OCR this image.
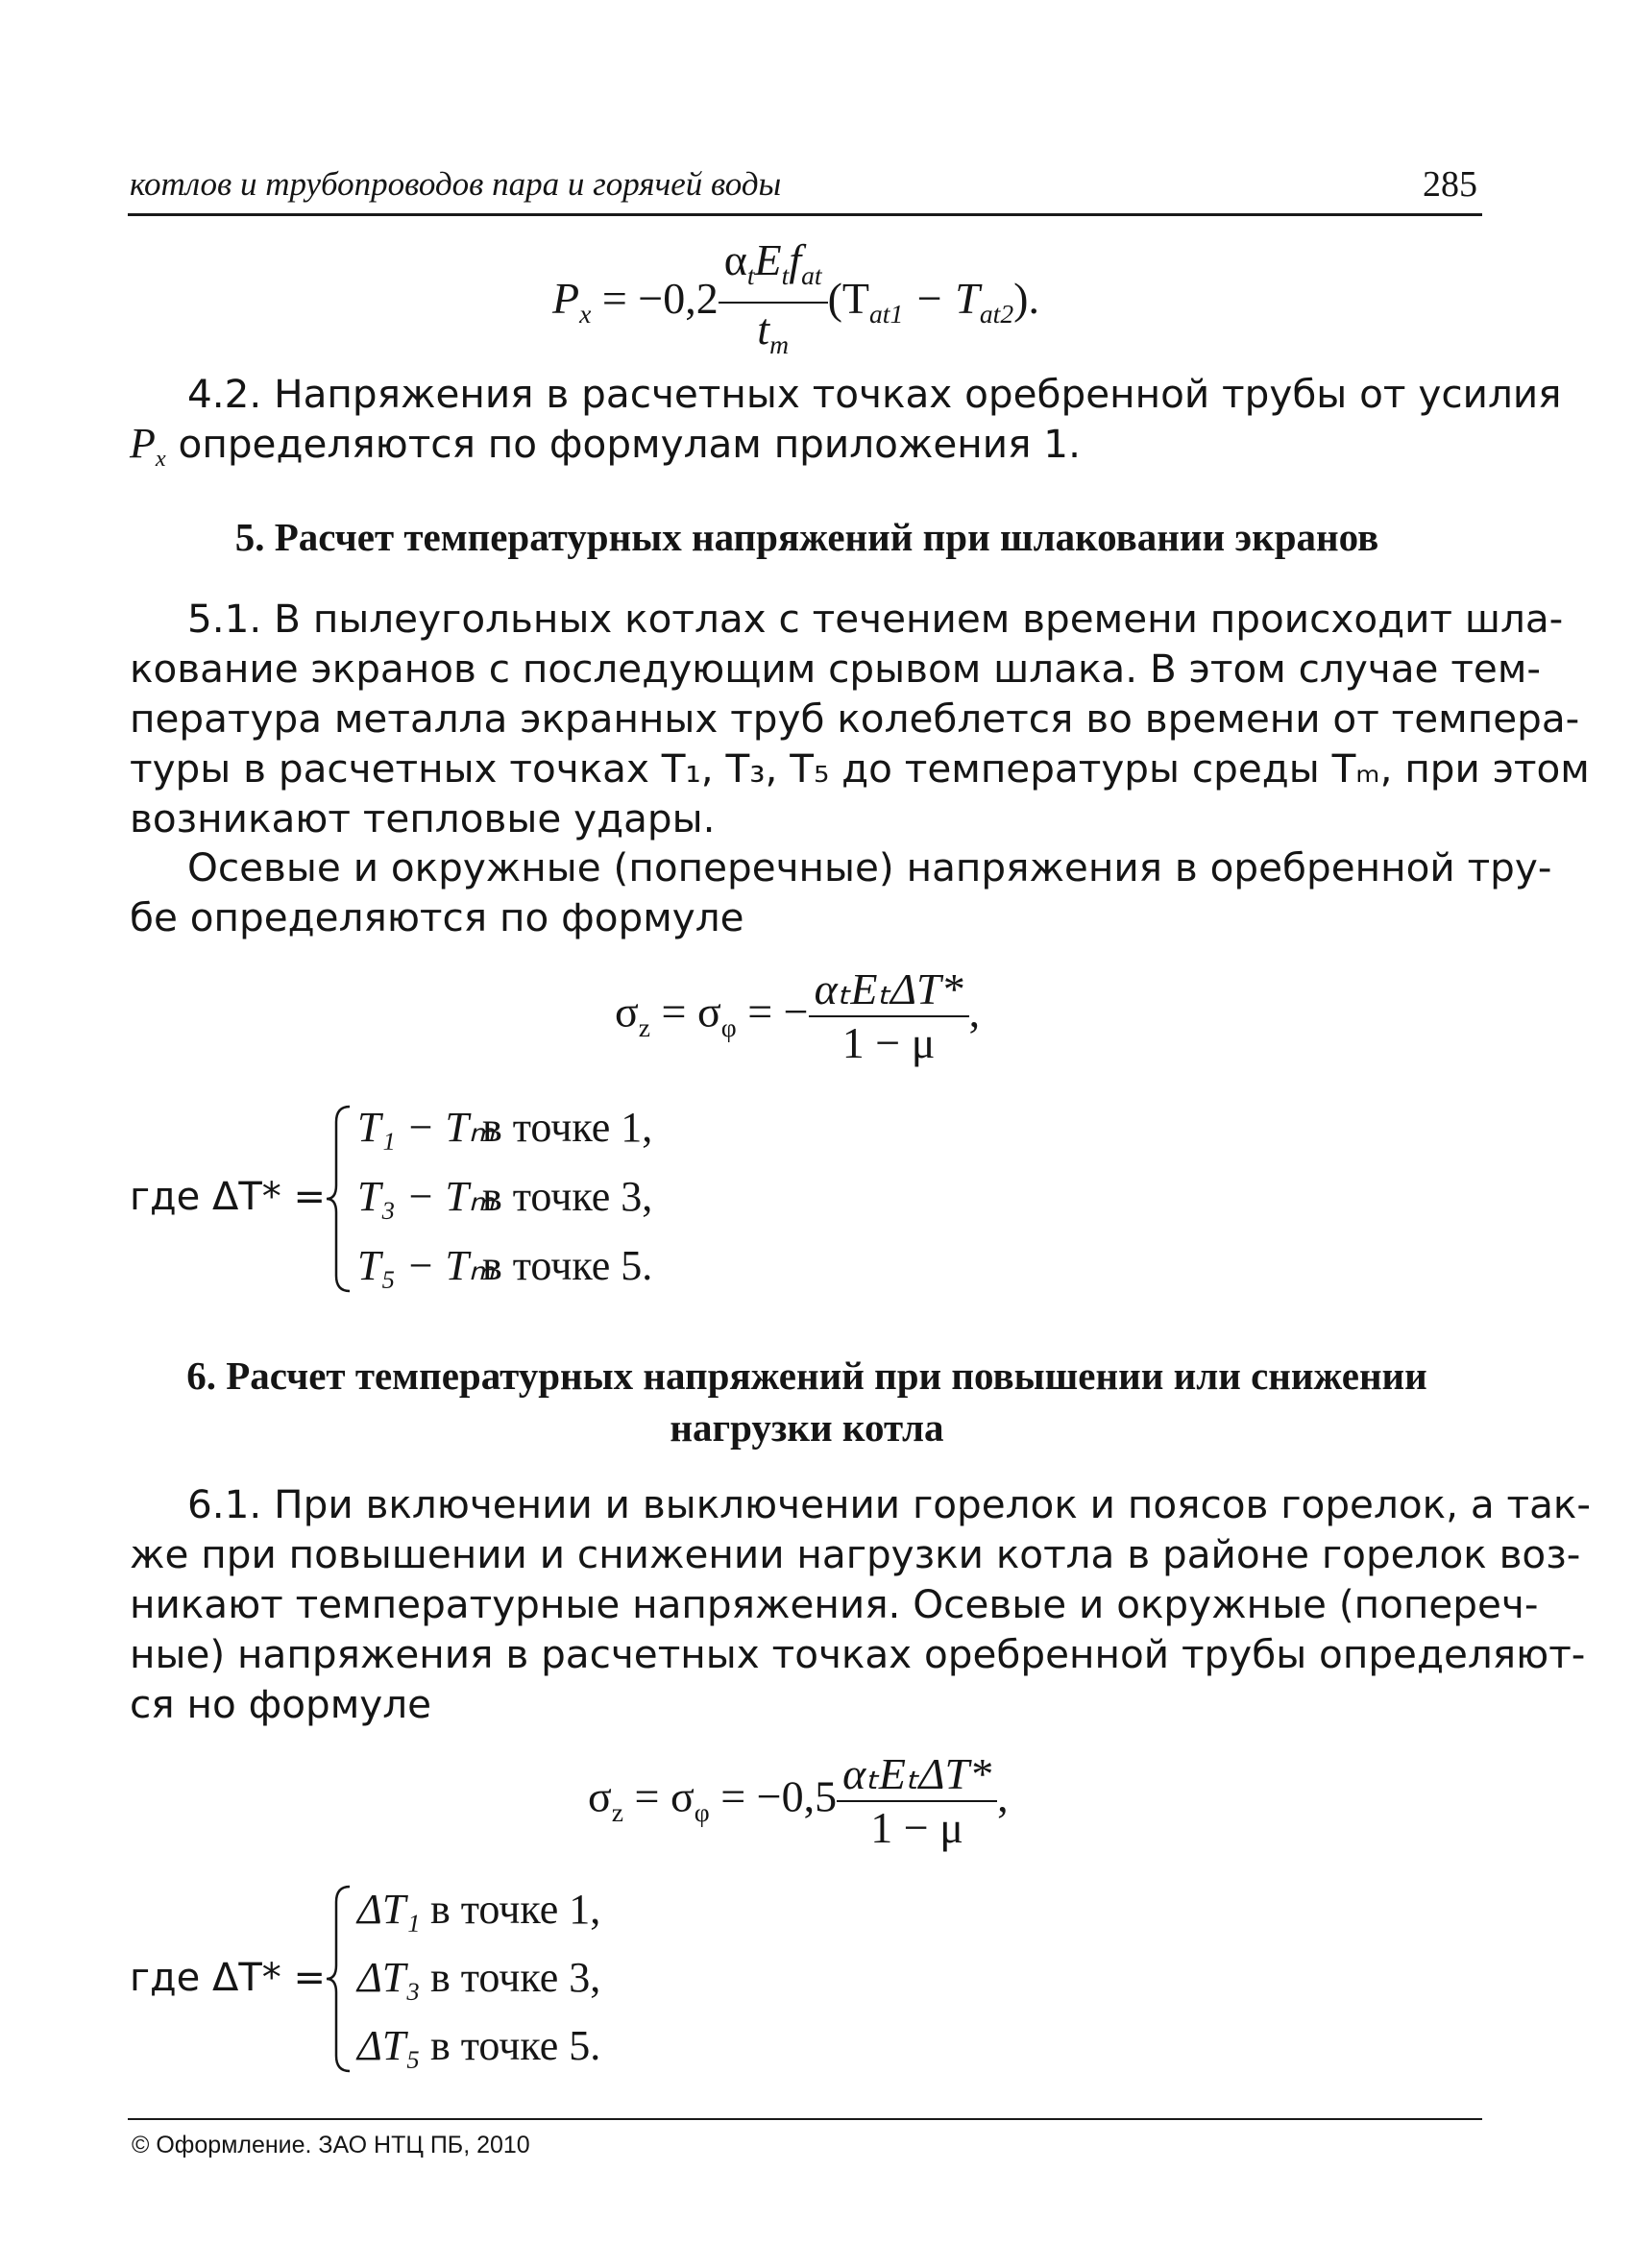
котлов и трубопроводов пара и горячей воды	285
$P_x = -0,2 \frac{\alpha_tE_tf_{at}}{t_m} (T_{at1} - T_{at2})$.
4.2. Напряжения в расчетных точках оребренной трубы от усилия
$P_x$ определяются по формулам приложения 1.
5. Расчет температурных напряжений при шлаковании экранов
5.1. В пылеугольных котлах с течением времени происходит шла-
кование экранов с последующим срывом шлака. В этом случае тем-
пература металла экранных труб колеблется во времени от темпера-
туры в расчетных точках T₁, T₃, T₅ до температуры среды Tₘ, при этом
возникают тепловые удары.
Осевые и окружные (поперечные) напряжения в оребренной тру-
бе определяются по формуле
$\sigma_z = \sigma_\varphi$ = − $\frac{\text{αₜEₜΔT*}}{1 - \mu}$ ,
где ΔT* =
T₁ − Tₘв точке 1,
T₃ − Tₘв точке 3,
T₅ − Tₘв точке 5.
6. Расчет температурных напряжений при повышении или снижении
нагрузки котла
6.1. При включении и выключении горелок и поясов горелок, а так-
же при повышении и снижении нагрузки котла в районе горелок воз-
никают температурные напряжения. Осевые и окружные (попереч-
ные) напряжения в расчетных точках оребренной трубы определяют-
ся но формуле
$\sigma_z = \sigma_\varphi = -0,5 \frac{\text{αₜEₜΔT*}}{1 - \mu}$ ,
где ΔT* =
ΔT₁ в точке 1,
ΔT₃ в точке 3,
ΔT₅ в точке 5.
© Оформление. ЗАО НТЦ ПБ, 2010
